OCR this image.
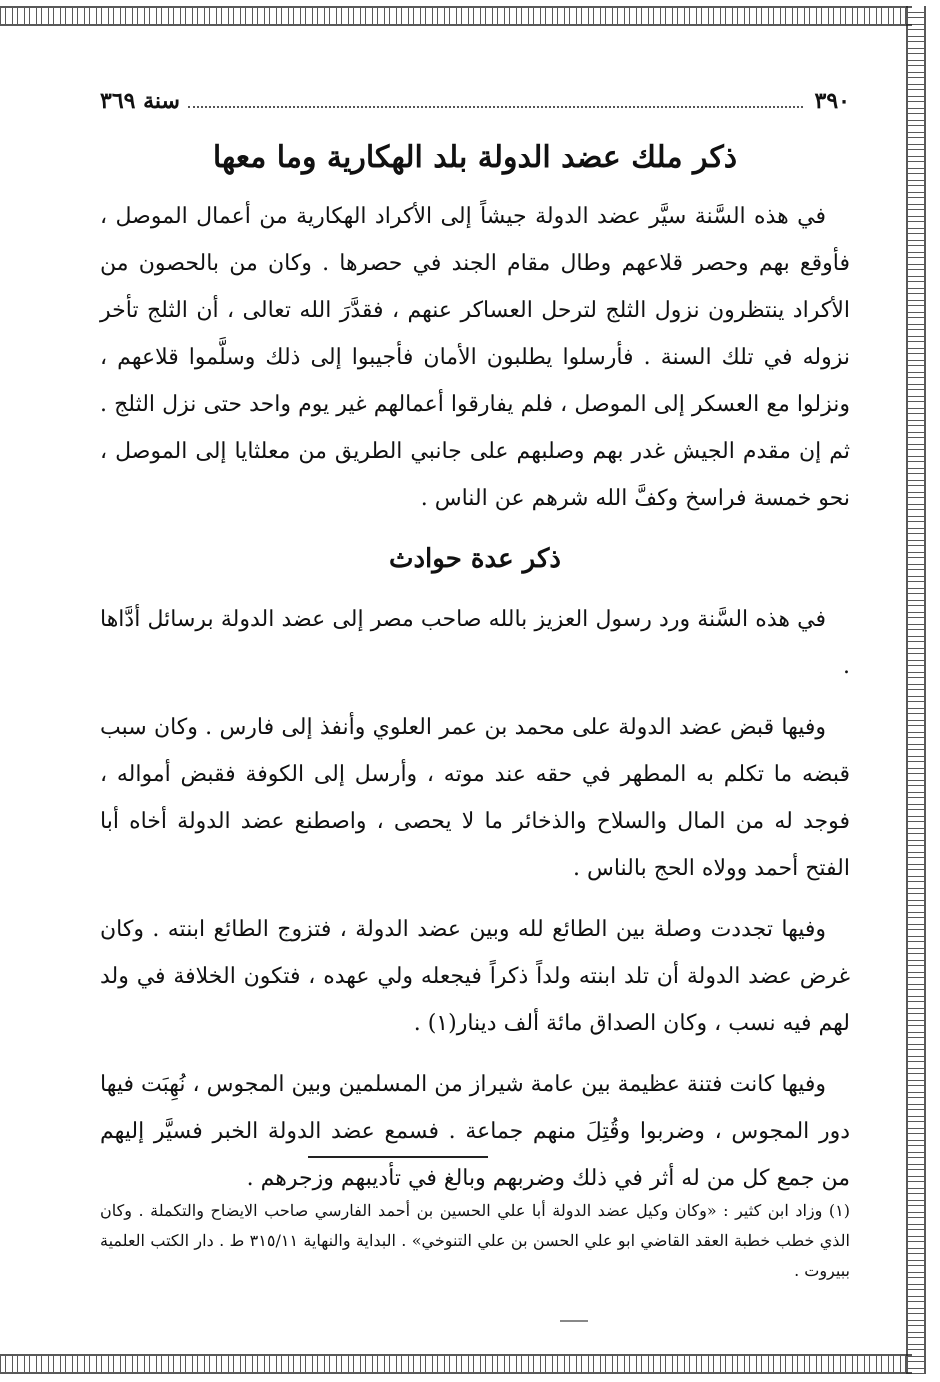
٣٩٠
سنة ٣٦٩
ذكر ملك عضد الدولة بلد الهكارية وما معها

في هذه السَّنة سيَّر عضد الدولة جيشاً إلى الأكراد الهكارية من أعمال الموصل ، فأوقع بهم وحصر قلاعهم وطال مقام الجند في حصرها . وكان من بالحصون من الأكراد ينتظرون نزول الثلج لترحل العساكر عنهم ، فقدَّرَ الله تعالى ، أن الثلج تأخر نزوله في تلك السنة . فأرسلوا يطلبون الأمان فأجيبوا إلى ذلك وسلَّموا قلاعهم ، ونزلوا مع العسكر إلى الموصل ، فلم يفارقوا أعمالهم غير يوم واحد حتى نزل الثلج . ثم إن مقدم الجيش غدر بهم وصلبهم على جانبي الطريق من معلثايا إلى الموصل ، نحو خمسة فراسخ وكفَّ الله شرهم عن الناس .

ذكر عدة حوادث

في هذه السَّنة ورد رسول العزيز بالله صاحب مصر إلى عضد الدولة برسائل أدَّاها .

وفيها قبض عضد الدولة على محمد بن عمر العلوي وأنفذ إلى فارس . وكان سبب قبضه ما تكلم به المطهر في حقه عند موته ، وأرسل إلى الكوفة فقبض أمواله ، فوجد له من المال والسلاح والذخائر ما لا يحصى ، واصطنع عضد الدولة أخاه أبا الفتح أحمد وولاه الحج بالناس .

وفيها تجددت وصلة بين الطائع لله وبين عضد الدولة ، فتزوج الطائع ابنته . وكان غرض عضد الدولة أن تلد ابنته ولداً ذكراً فيجعله ولي عهده ، فتكون الخلافة في ولد لهم فيه نسب ، وكان الصداق مائة ألف دينار(١) .

وفيها كانت فتنة عظيمة بين عامة شيراز من المسلمين وبين المجوس ، نُهِبَت فيها دور المجوس ، وضربوا وقُتِلَ منهم جماعة . فسمع عضد الدولة الخبر فسيَّر إليهم من جمع كل من له أثر في ذلك وضربهم وبالغ في تأديبهم وزجرهم .

(١) وزاد ابن كثير : «وكان وكيل عضد الدولة أبا علي الحسين بن أحمد الفارسي صاحب الايضاح والتكملة . وكان الذي خطب خطبة العقد القاضي ابو علي الحسن بن علي التنوخي» . البداية والنهاية ٣١٥/١١ ط . دار الكتب العلمية ببيروت .
